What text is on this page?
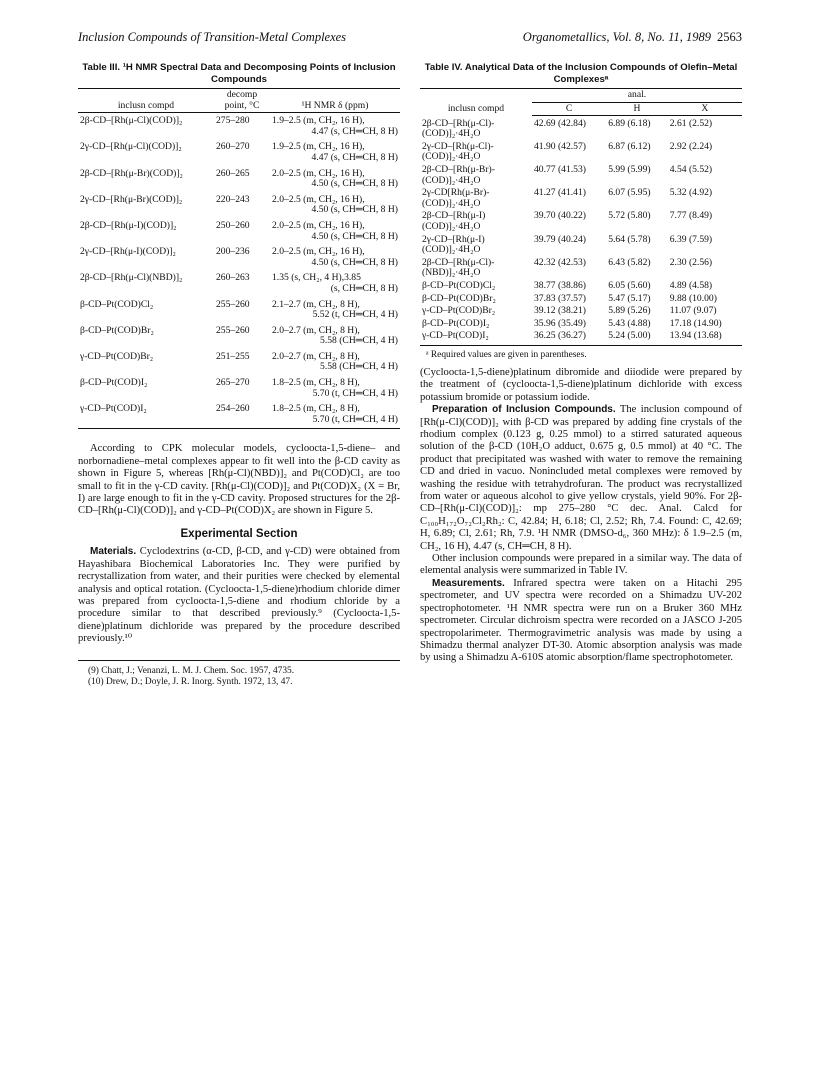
Inclusion Compounds of Transition-Metal Complexes	Organometallics, Vol. 8, No. 11, 1989 2563
Table III. ¹H NMR Spectral Data and Decomposing Points of Inclusion Compounds
inclusn compd	decomp point, °C	¹H NMR δ (ppm)
2β-CD–[Rh(μ-Cl)(COD)]₂	275–280	1.9–2.5 (m, CH₂, 16 H),
4.47 (s, CH═CH, 8 H)

2γ-CD–[Rh(μ-Cl)(COD)]₂	260–270	1.9–2.5 (m, CH₂, 16 H),
4.47 (s, CH═CH, 8 H)

2β-CD–[Rh(μ-Br)(COD)]₂	260–265	2.0–2.5 (m, CH₂, 16 H),
4.50 (s, CH═CH, 8 H)

2γ-CD–[Rh(μ-Br)(COD)]₂	220–243	2.0–2.5 (m, CH₂, 16 H),
4.50 (s, CH═CH, 8 H)

2β-CD–[Rh(μ-I)(COD)]₂	250–260	2.0–2.5 (m, CH₂, 16 H),
4.50 (s, CH═CH, 8 H)

2γ-CD–[Rh(μ-I)(COD)]₂	200–236	2.0–2.5 (m, CH₂, 16 H),
4.50 (s, CH═CH, 8 H)

2β-CD–[Rh(μ-Cl)(NBD)]₂	260–263	1.35 (s, CH₂, 4 H),3.85
(s, CH═CH, 8 H)

β-CD–Pt(COD)Cl₂	255–260	2.1–2.7 (m, CH₂, 8 H),
5.52 (t, CH═CH, 4 H)

β-CD–Pt(COD)Br₂	255–260	2.0–2.7 (m, CH₂, 8 H),
5.58 (CH═CH, 4 H)

γ-CD–Pt(COD)Br₂	251–255	2.0–2.7 (m, CH₂, 8 H),
5.58 (CH═CH, 4 H)

β-CD–Pt(COD)I₂	265–270	1.8–2.5 (m, CH₂, 8 H),
5.70 (t, CH═CH, 4 H)

γ-CD–Pt(COD)I₂	254–260	1.8–2.5 (m, CH₂, 8 H),
5.70 (t, CH═CH, 4 H)

According to CPK molecular models, cycloocta-1,5-diene– and norbornadiene–metal complexes appear to fit well into the β-CD cavity as shown in Figure 5, whereas [Rh(μ-Cl)(NBD)]₂ and Pt(COD)Cl₂ are too small to fit in the γ-CD cavity. [Rh(μ-Cl)(COD)]₂ and Pt(COD)X₂ (X = Br, I) are large enough to fit in the γ-CD cavity. Proposed structures for the 2β-CD–[Rh(μ-Cl)(COD)]₂ and γ-CD–Pt(COD)X₂ are shown in Figure 5.

Experimental Section

Materials. Cyclodextrins (α-CD, β-CD, and γ-CD) were obtained from Hayashibara Biochemical Laboratories Inc. They were purified by recrystallization from water, and their purities were checked by elemental analysis and optical rotation. (Cycloocta-1,5-diene)rhodium chloride dimer was prepared from cycloocta-1,5-diene and rhodium chloride by a procedure similar to that described previously.⁹ (Cycloocta-1,5-diene)platinum dichloride was prepared by the procedure described previously.¹⁰

(9) Chatt, J.; Venanzi, L. M. J. Chem. Soc. 1957, 4735.
(10) Drew, D.; Doyle, J. R. Inorg. Synth. 1972, 13, 47.
Table IV. Analytical Data of the Inclusion Compounds of Olefin–Metal Complexesᵃ
inclusn compd	anal.		
	C	H	X
2β-CD–[Rh(μ-Cl)-(COD)]₂·4H₂O	42.69 (42.84)	6.89 (6.18)	2.61 (2.52)
2γ-CD–[Rh(μ-Cl)-(COD)]₂·4H₂O	41.90 (42.57)	6.87 (6.12)	2.92 (2.24)
2β-CD–[Rh(μ-Br)-(COD)]₂·4H₂O	40.77 (41.53)	5.99 (5.99)	4.54 (5.52)
2γ-CD[Rh(μ-Br)-(COD)]₂·4H₂O	41.27 (41.41)	6.07 (5.95)	5.32 (4.92)
2β-CD–[Rh(μ-I)(COD)]₂·4H₂O	39.70 (40.22)	5.72 (5.80)	7.77 (8.49)
2γ-CD–[Rh(μ-I)(COD)]₂·4H₂O	39.79 (40.24)	5.64 (5.78)	6.39 (7.59)
2β-CD–[Rh(μ-Cl)-(NBD)]₂·4H₂O	42.32 (42.53)	6.43 (5.82)	2.30 (2.56)
β-CD–Pt(COD)Cl₂	38.77 (38.86)	6.05 (5.60)	4.89 (4.58)
β-CD–Pt(COD)Br₂	37.83 (37.57)	5.47 (5.17)	9.88 (10.00)
γ-CD–Pt(COD)Br₂	39.12 (38.21)	5.89 (5.26)	11.07 (9.07)
β-CD–Pt(COD)I₂	35.96 (35.49)	5.43 (4.88)	17.18 (14.90)
γ-CD–Pt(COD)I₂	36.25 (36.27)	5.24 (5.00)	13.94 (13.68)
ᵃ Required values are given in parentheses.

(Cycloocta-1,5-diene)platinum dibromide and diiodide were prepared by the treatment of (cycloocta-1,5-diene)platinum dichloride with excess potassium bromide or potassium iodide.

Preparation of Inclusion Compounds. The inclusion compound of [Rh(μ-Cl)(COD)]₂ with β-CD was prepared by adding fine crystals of the rhodium complex (0.123 g, 0.25 mmol) to a stirred saturated aqueous solution of the β-CD (10H₂O adduct, 0.675 g, 0.5 mmol) at 40 °C. The product that precipitated was washed with water to remove the remaining CD and dried in vacuo. Nonincluded metal complexes were removed by washing the residue with tetrahydrofuran. The product was recrystallized from water or aqueous alcohol to give yellow crystals, yield 90%. For 2β-CD–[Rh(μ-Cl)(COD)]₂: mp 275–280 °C dec. Anal. Calcd for C₁₀₀H₁₇₂O₇₂Cl₂Rh₂: C, 42.84; H, 6.18; Cl, 2.52; Rh, 7.4. Found: C, 42.69; H, 6.89; Cl, 2.61; Rh, 7.9. ¹H NMR (DMSO-d₆, 360 MHz): δ 1.9–2.5 (m, CH₂, 16 H), 4.47 (s, CH═CH, 8 H).

Other inclusion compounds were prepared in a similar way. The data of elemental analysis were summarized in Table IV.

Measurements. Infrared spectra were taken on a Hitachi 295 spectrometer, and UV spectra were recorded on a Shimadzu UV-202 spectrophotometer. ¹H NMR spectra were run on a Bruker 360 MHz spectrometer. Circular dichroism spectra were recorded on a JASCO J-205 spectropolarimeter. Thermogravimetric analysis was made by using a Shimadzu thermal analyzer DT-30. Atomic absorption analysis was made by using a Shimadzu A-610S atomic absorption/flame spectrophotometer.
